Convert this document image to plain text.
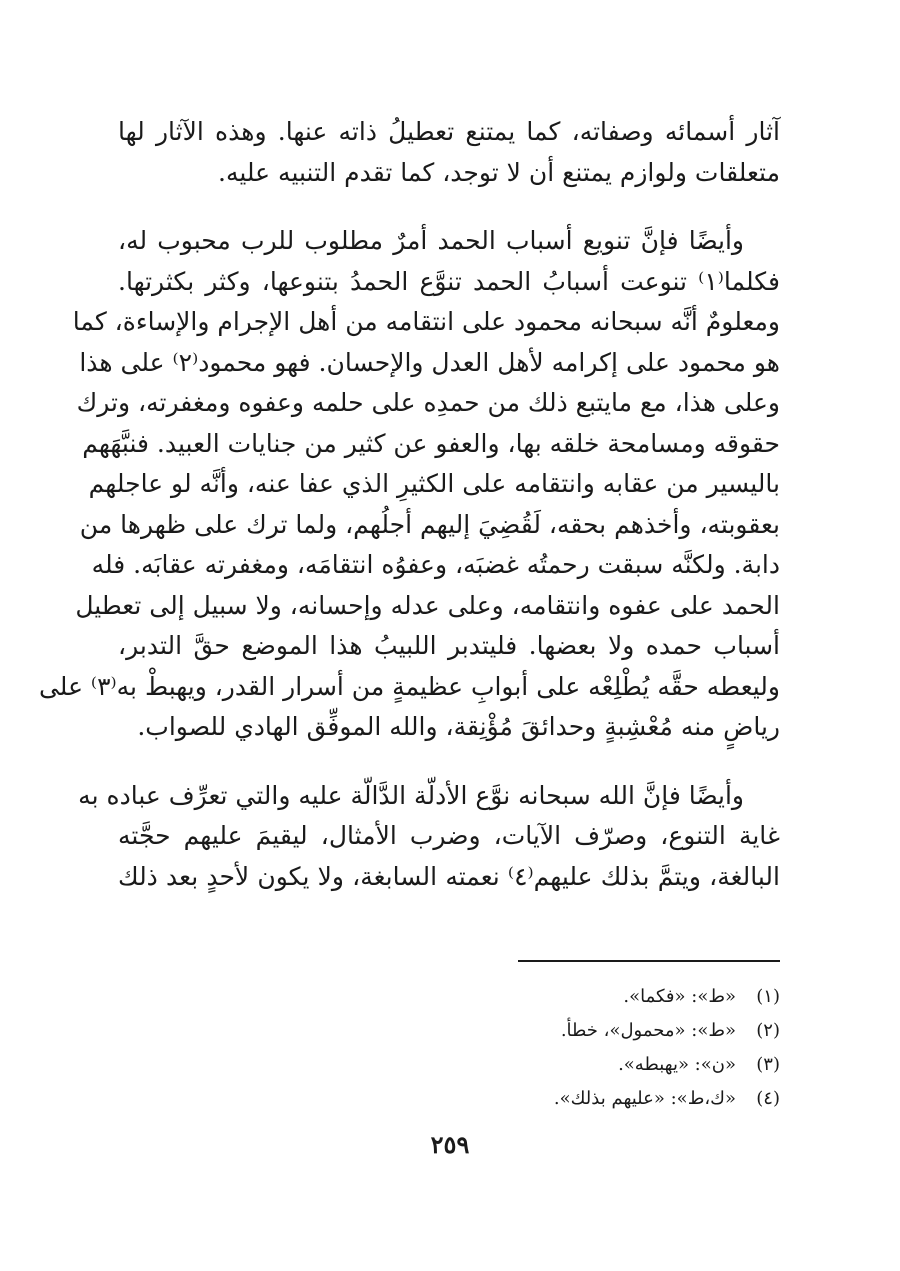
آثار أسمائه وصفاته، كما يمتنع تعطيلُ ذاته عنها. وهذه الآثار لها
متعلقات ولوازم يمتنع أن لا توجد، كما تقدم التنبيه عليه.
وأيضًا فإنَّ تنويع أسباب الحمد أمرٌ مطلوب للرب محبوب له،
فكلما⁽١⁾ تنوعت أسبابُ الحمد تنوَّع الحمدُ بتنوعها، وكثر بكثرتها.
ومعلومٌ أنَّه سبحانه محمود على انتقامه من أهل الإجرام والإساءة، كما
هو محمود على إكرامه لأهل العدل والإحسان. فهو محمود⁽٢⁾ على هذا
وعلى هذا، مع مايتبع ذلك من حمدِه على حلمه وعفوه ومغفرته، وترك
حقوقه ومسامحة خلقه بها، والعفو عن كثير من جنايات العبيد. فنبَّهَهم
باليسير من عقابه وانتقامه على الكثيرِ الذي عفا عنه، وأنَّه لو عاجلهم
بعقوبته، وأخذهم بحقه، لَقُضِيَ إليهم أجلُهم، ولما ترك على ظهرها من
دابة. ولكنَّه سبقت رحمتُه غضبَه، وعفوُه انتقامَه، ومغفرته عقابَه. فله
الحمد على عفوه وانتقامه، وعلى عدله وإحسانه، ولا سبيل إلى تعطيل
أسباب حمده ولا بعضها. فليتدبر اللبيبُ هذا الموضع حقَّ التدبر،
وليعطه حقَّه يُطْلِعْه على أبوابِ عظيمةٍ من أسرار القدر، ويهبطْ به⁽٣⁾ على
رياضٍ منه مُعْشِبةٍ وحدائقَ مُؤْنِقة، والله الموفِّق الهادي للصواب.
وأيضًا فإنَّ الله سبحانه نوَّع الأدلّة الدَّالّة عليه والتي تعرِّف عباده به
غاية التنوع، وصرّف الآيات، وضرب الأمثال، ليقيمَ عليهم حجَّته
البالغة، ويتمَّ بذلك عليهم⁽٤⁾ نعمته السابغة، ولا يكون لأحدٍ بعد ذلك
(١)
«ط»: «فكما».
(٢)
«ط»: «محمول»، خطأ.
(٣)
«ن»: «يهبطه».
(٤)
«ك،ط»: «عليهم بذلك».
٢٥٩
